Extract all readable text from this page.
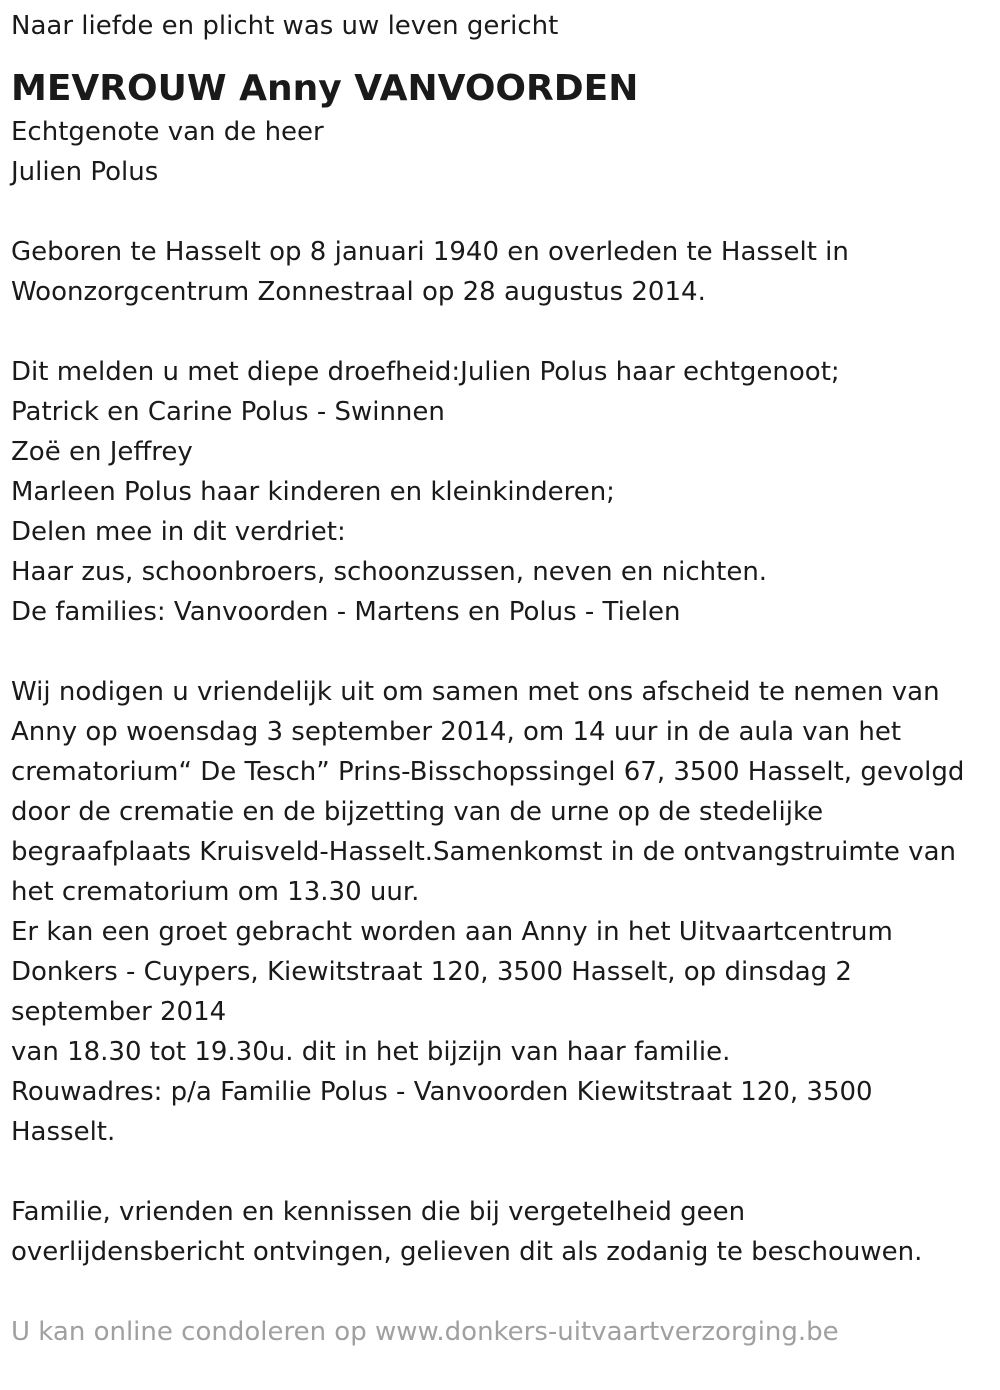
Naar liefde en plicht was uw leven gericht

MEVROUW Anny VANVOORDEN

Echtgenote van de heer

Julien Polus

Geboren te Hasselt op 8 januari 1940 en overleden te Hasselt in

Woonzorgcentrum Zonnestraal op 28 augustus 2014.

Dit melden u met diepe droefheid:Julien Polus haar echtgenoot;

Patrick en Carine Polus - Swinnen

Zoë en Jeffrey

Marleen Polus haar kinderen en kleinkinderen;

Delen mee in dit verdriet:

Haar zus, schoonbroers, schoonzussen, neven en nichten.

De families: Vanvoorden - Martens en Polus - Tielen

Wij nodigen u vriendelijk uit om samen met ons afscheid te nemen van

Anny op woensdag 3 september 2014, om 14 uur in de aula van het

crematorium“ De Tesch” Prins-Bisschopssingel 67, 3500 Hasselt, gevolgd

door de crematie en de bijzetting van de urne op de stedelijke

begraafplaats Kruisveld-Hasselt.Samenkomst in de ontvangstruimte van

het crematorium om 13.30 uur.

Er kan een groet gebracht worden aan Anny in het Uitvaartcentrum

Donkers - Cuypers, Kiewitstraat 120, 3500 Hasselt, op dinsdag 2

september 2014

van 18.30 tot 19.30u. dit in het bijzijn van haar familie.

Rouwadres: p/a Familie Polus - Vanvoorden Kiewitstraat 120, 3500

Hasselt.

Familie, vrienden en kennissen die bij vergetelheid geen

overlijdensbericht ontvingen, gelieven dit als zodanig te beschouwen.

U kan online condoleren op www.donkers-uitvaartverzorging.be
